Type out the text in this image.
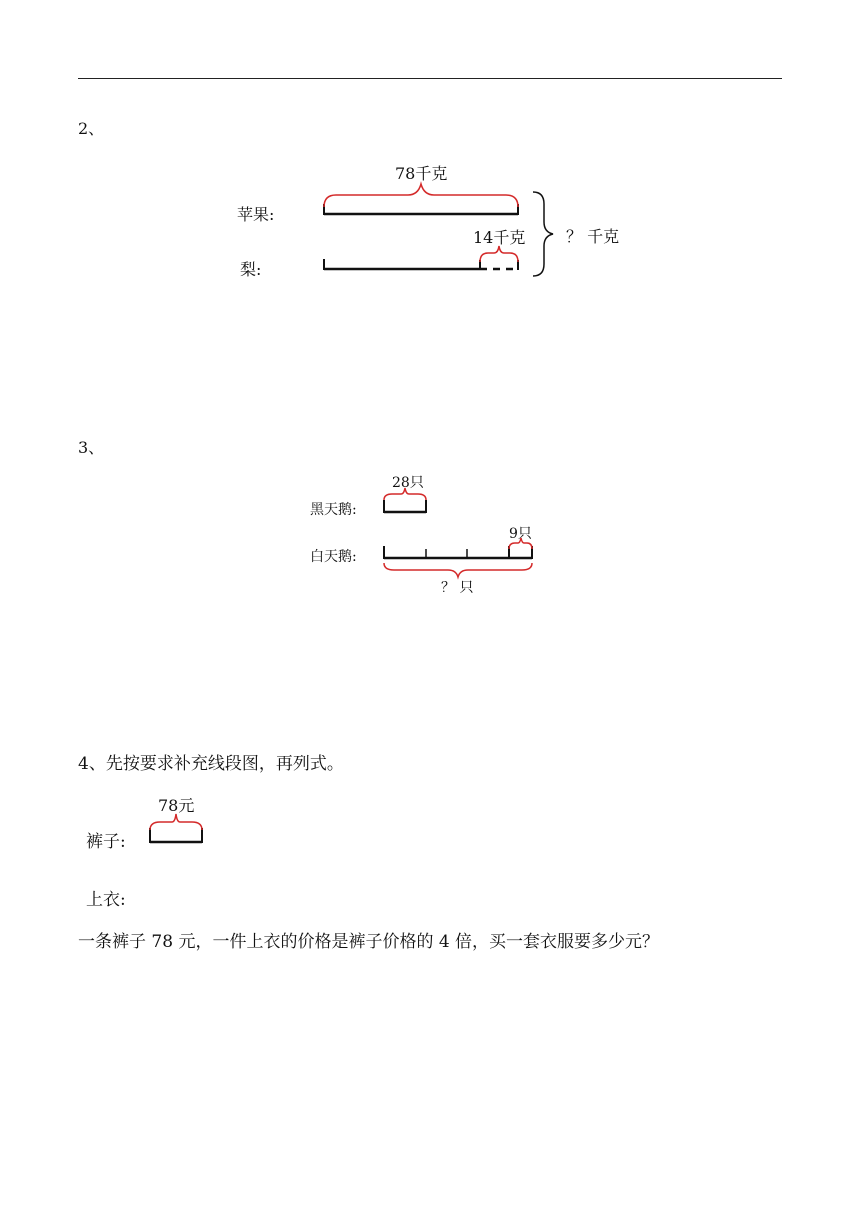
2、
78千克
苹果:
14千克	？ 千克
梨:
3、
28只
黑天鹅:
9只
白天鹅:
？ 只
4、先按要求补充线段图，再列式。
78元
裤子:
上衣:
一条裤子 78 元，一件上衣的价格是裤子价格的 4 倍，买一套衣服要多少元？
